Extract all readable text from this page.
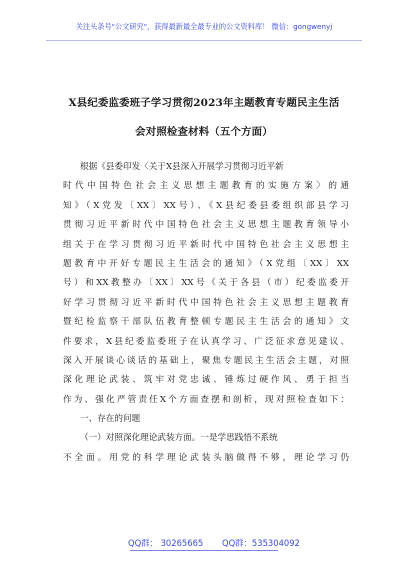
关注头条号"公文研究"，获得最新最全最专业的公文资料库！ 微信：gongwenyj
X县纪委监委班子学习贯彻2023年主题教育专题民主生活
会对照检查材料（五个方面）
根据《县委印发〈关于X县深入开展学习贯彻习近平新
时代中国特色社会主义思想主题教育的实施方案〉的通
知》（X党发〔XX〕XX号）、《X县纪委县委组织部县学习
贯彻习近平新时代中国特色社会主义思想主题教育领导小
组关于在学习贯彻习近平新时代中国特色社会主义思想主
题教育中开好专题民主生活会的通知》（X党组〔XX〕XX
号）和XX教整办〔XX〕XX号《关于各县（市）纪委监委开
好学习贯彻习近平新时代中国特色社会主义思想主题教育
暨纪检监察干部队伍教育整顿专题民主生活会的通知》文
件要求，X县纪委监委班子在认真学习、广泛征求意见建议、
深入开展谈心谈话的基础上，聚焦专题民主生活会主题，对照
深化理论武装、筑牢对党忠诚、锤炼过硬作风、勇于担当
作为、强化严管责任X个方面查摆和剖析，现对照检查如下：
一、存在的问题
（一）对照深化理论武装方面。一是学思践悟不系统
不全面。用党的科学理论武装头脑做得不够，理论学习仍
QQ群： 30265665 QQ群：535304092
